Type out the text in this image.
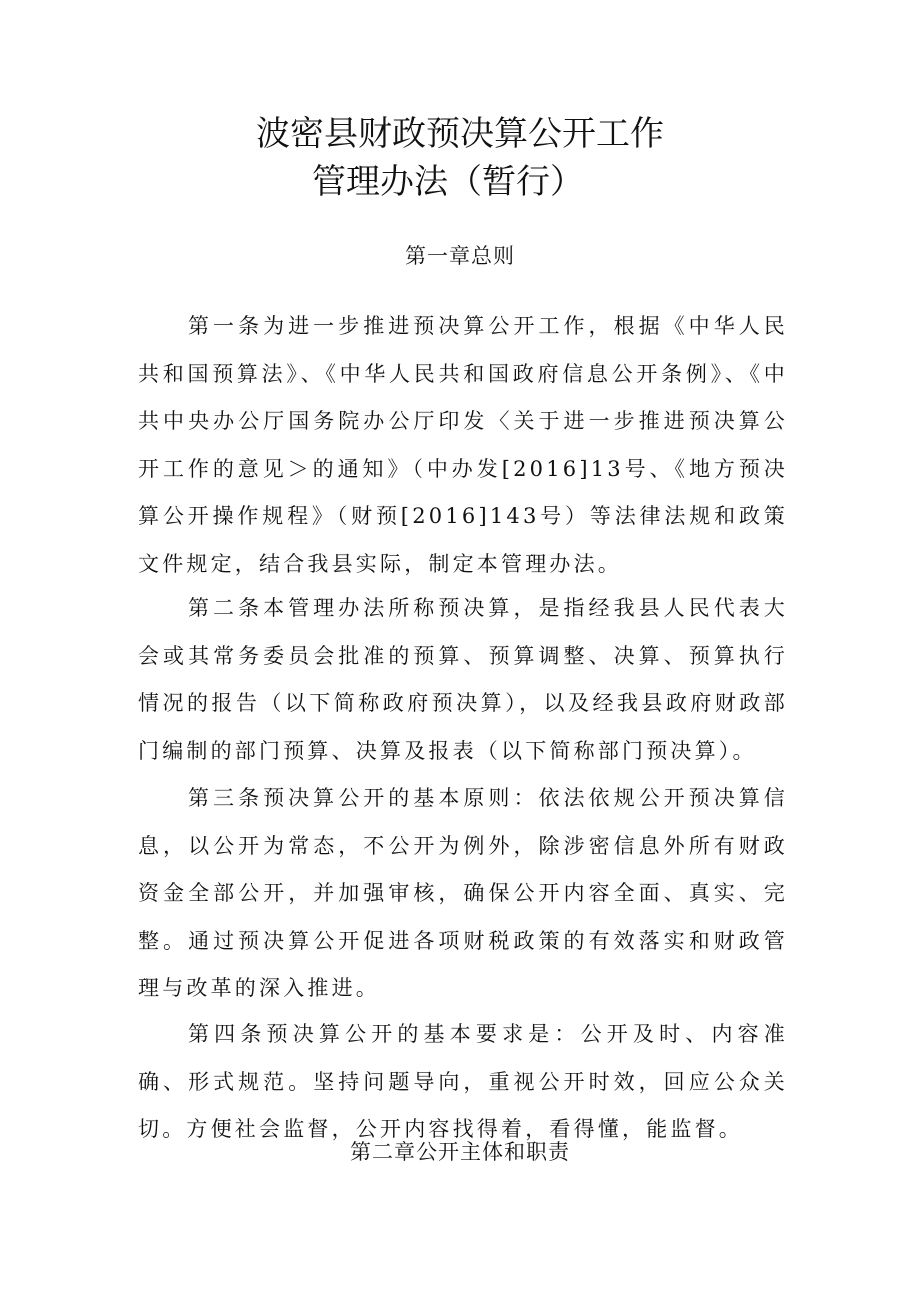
波密县财政预决算公开工作
管理办法（暂行）
第一章总则

第一条为进一步推进预决算公开工作，根据《中华人民共和国预算法》、《中华人民共和国政府信息公开条例》、《中共中央办公厅国务院办公厅印发〈关于进一步推进预决算公开工作的意见＞的通知》（中办发[2016]13号、《地方预决算公开操作规程》（财预[2016]143号）等法律法规和政策文件规定，结合我县实际，制定本管理办法。

第二条本管理办法所称预决算，是指经我县人民代表大会或其常务委员会批准的预算、预算调整、决算、预算执行情况的报告（以下简称政府预决算），以及经我县政府财政部门编制的部门预算、决算及报表（以下简称部门预决算）。

第三条预决算公开的基本原则：依法依规公开预决算信息，以公开为常态，不公开为例外，除涉密信息外所有财政资金全部公开，并加强审核，确保公开内容全面、真实、完整。通过预决算公开促进各项财税政策的有效落实和财政管理与改革的深入推进。

第四条预决算公开的基本要求是：公开及时、内容准确、形式规范。坚持问题导向，重视公开时效，回应公众关切。方便社会监督，公开内容找得着，看得懂，能监督。

第二章公开主体和职责
